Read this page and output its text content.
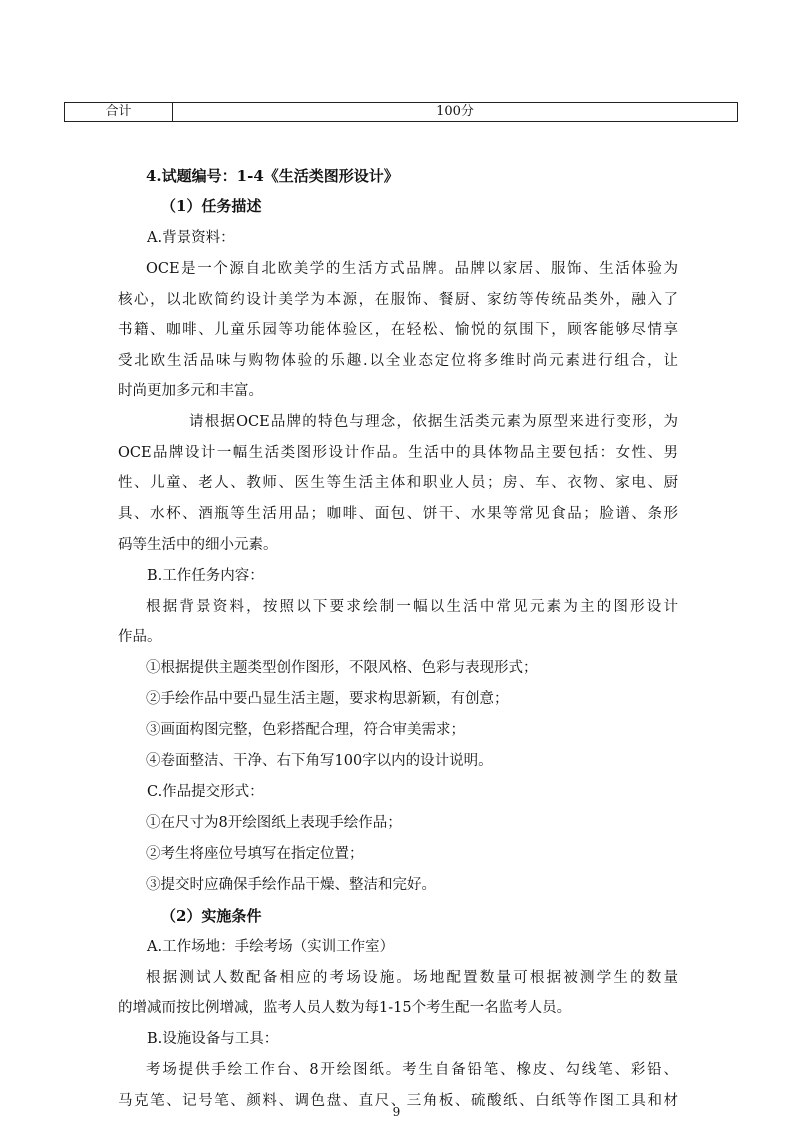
合计	100分
4.试题编号：1-4《生活类图形设计》
（1）任务描述
A.背景资料：
OCE是一个源自北欧美学的生活方式品牌。品牌以家居、服饰、生活体验为
核心，以北欧简约设计美学为本源，在服饰、餐厨、家纺等传统品类外，融入了
书籍、咖啡、儿童乐园等功能体验区，在轻松、愉悦的氛围下，顾客能够尽情享
受北欧生活品味与购物体验的乐趣.以全业态定位将多维时尚元素进行组合，让
时尚更加多元和丰富。
请根据OCE品牌的特色与理念，依据生活类元素为原型来进行变形，为
OCE品牌设计一幅生活类图形设计作品。生活中的具体物品主要包括：女性、男
性、儿童、老人、教师、医生等生活主体和职业人员；房、车、衣物、家电、厨
具、水杯、酒瓶等生活用品；咖啡、面包、饼干、水果等常见食品；脸谱、条形
码等生活中的细小元素。
B.工作任务内容：
根据背景资料，按照以下要求绘制一幅以生活中常见元素为主的图形设计
作品。
①根据提供主题类型创作图形，不限风格、色彩与表现形式；
②手绘作品中要凸显生活主题，要求构思新颖，有创意；
③画面构图完整，色彩搭配合理，符合审美需求；
④卷面整洁、干净、右下角写100字以内的设计说明。
C.作品提交形式：
①在尺寸为8开绘图纸上表现手绘作品；
②考生将座位号填写在指定位置；
③提交时应确保手绘作品干燥、整洁和完好。
（2）实施条件
A.工作场地：手绘考场（实训工作室）
根据测试人数配备相应的考场设施。场地配置数量可根据被测学生的数量
的增减而按比例增减，监考人员人数为每1-15个考生配一名监考人员。
B.设施设备与工具：
考场提供手绘工作台、8开绘图纸。考生自备铅笔、橡皮、勾线笔、彩铅、
马克笔、记号笔、颜料、调色盘、直尺、三角板、硫酸纸、白纸等作图工具和材
9
